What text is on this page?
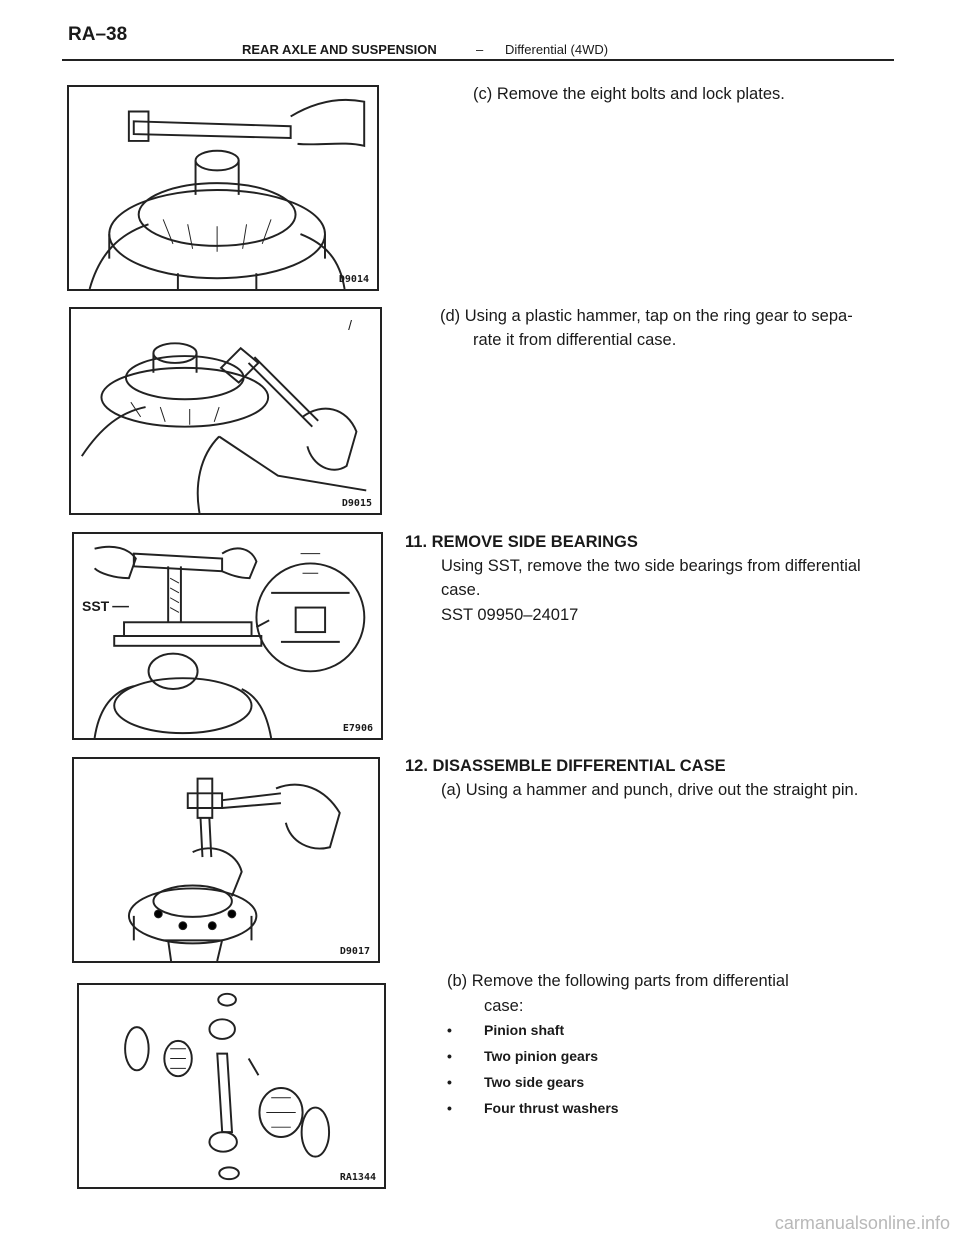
RA–38
REAR AXLE AND SUSPENSION	– Differential (4WD)
D9014
/
D9015
SST
E7906
D9017
RA1344
(c) Remove the eight bolts and lock plates.
(d) Using a plastic hammer, tap on the ring gear to sepa-
rate it from differential case.
11. REMOVE SIDE BEARINGS
Using SST, remove the two side bearings from differential
case.
SST 09950–24017
12. DISASSEMBLE DIFFERENTIAL CASE
(a) Using a hammer and punch, drive out the straight pin.
(b) Remove the following parts from differential
case:
• Pinion shaft
• Two pinion gears
• Two side gears
• Four thrust washers
carmanualsonline.info
